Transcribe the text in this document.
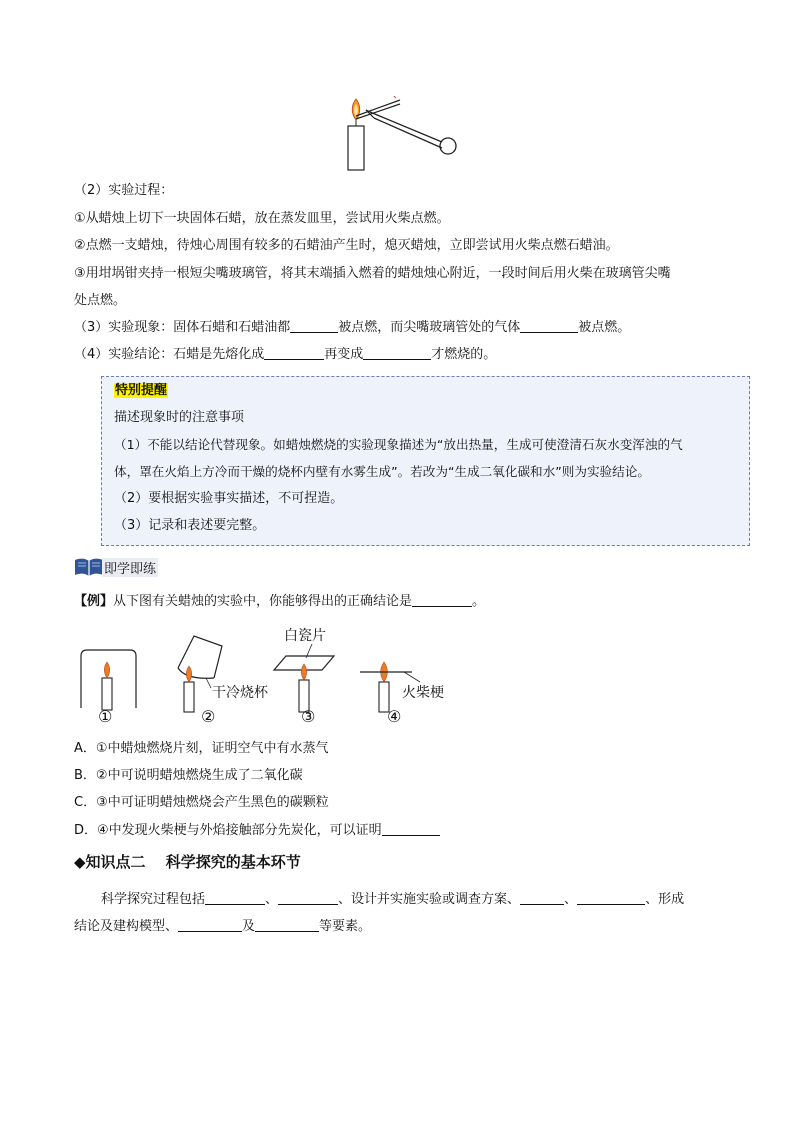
（2）实验过程：
①从蜡烛上切下一块固体石蜡，放在蒸发皿里，尝试用火柴点燃。
②点燃一支蜡烛，待烛心周围有较多的石蜡油产生时，熄灭蜡烛，立即尝试用火柴点燃石蜡油。
③用坩埚钳夹持一根短尖嘴玻璃管，将其末端插入燃着的蜡烛烛心附近，一段时间后用火柴在玻璃管尖嘴
处点燃。
（3）实验现象：固体石蜡和石蜡油都	被点燃，而尖嘴玻璃管处的气体	被点燃。
（4）实验结论：石蜡是先熔化成	再变成	才燃烧的。
特别提醒
描述现象时的注意事项
（1）不能以结论代替现象。如蜡烛燃烧的实验现象描述为“放出热量，生成可使澄清石灰水变浑浊的气
体，罩在火焰上方冷而干燥的烧杯内壁有水雾生成”。若改为“生成二氧化碳和水”则为实验结论。
（2）要根据实验事实描述，不可捏造。
（3）记录和表述要完整。
即学即练
【例】从下图有关蜡烛的实验中，你能够得出的正确结论是	。
白瓷片
干冷烧杯	火柴梗
①	②	③	④
A．①中蜡烛燃烧片刻，证明空气中有水蒸气
B．②中可说明蜡烛燃烧生成了二氧化碳
C．③中可证明蜡烛燃烧会产生黑色的碳颗粒
D．④中发现火柴梗与外焰接触部分先炭化，可以证明
◆知识点二　 科学探究的基本环节
科学探究过程包括	、	、设计并实施实验或调查方案、	、	、形成
结论及建构模型、	及	等要素。
